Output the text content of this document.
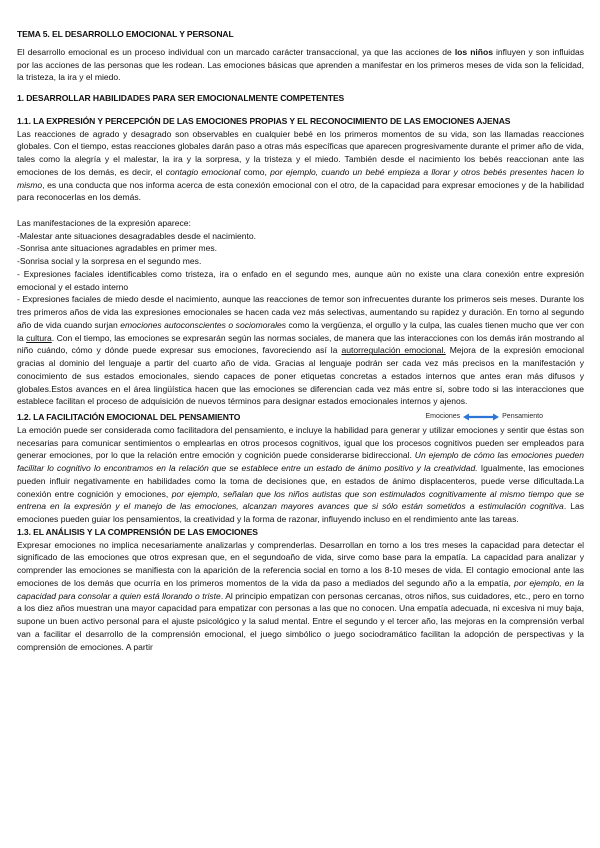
TEMA 5. EL DESARROLLO EMOCIONAL Y PERSONAL

El desarrollo emocional es un proceso individual con un marcado carácter transaccional, ya que las acciones de los niños influyen y son influidas por las acciones de las personas que les rodean. Las emociones básicas que aprenden a manifestar en los primeros meses de vida son la felicidad, la tristeza, la ira y el miedo.

1. DESARROLLAR HABILIDADES PARA SER EMOCIONALMENTE COMPETENTES
1.1. LA EXPRESIÓN Y PERCEPCIÓN DE LAS EMOCIONES PROPIAS Y EL RECONOCIMIENTO DE LAS EMOCIONES AJENAS

Las reacciones de agrado y desagrado son observables en cualquier bebé en los primeros momentos de su vida, son las llamadas reacciones globales. Con el tiempo, estas reacciones globales darán paso a otras más específicas que aparecen progresivamente durante el primer año de vida, tales como la alegría y el malestar, la ira y la sorpresa, y la tristeza y el miedo. También desde el nacimiento los bebés reaccionan ante las emociones de los demás, es decir, el contagio emocional como, por ejemplo, cuando un bebé empieza a llorar y otros bebés presentes hacen lo mismo, es una conducta que nos informa acerca de esta conexión emocional con el otro, de la capacidad para expresar emociones y de la habilidad para reconocerlas en los demás.

Las manifestaciones de la expresión aparece:

-Malestar ante situaciones desagradables desde el nacimiento.

-Sonrisa ante situaciones agradables en primer mes.

-Sonrisa social y la sorpresa en el segundo mes.

- Expresiones faciales identificables como tristeza, ira o enfado en el segundo mes, aunque aún no existe una clara conexión entre expresión emocional y el estado interno

- Expresiones faciales de miedo desde el nacimiento, aunque las reacciones de temor son infrecuentes durante los primeros seis meses. Durante los tres primeros años de vida las expresiones emocionales se hacen cada vez más selectivas, aumentando su rapidez y duración. En torno al segundo año de vida cuando surjan emociones autoconscientes o sociomorales como la vergüenza, el orgullo y la culpa, las cuales tienen mucho que ver con la cultura. Con el tiempo, las emociones se expresarán según las normas sociales, de manera que las interacciones con los demás irán mostrando al niño cuándo, cómo y dónde puede expresar sus emociones, favoreciendo así la autorregulación emocional. Mejora de la expresión emocional gracias al dominio del lenguaje a partir del cuarto año de vida. Gracias al lenguaje podrán ser cada vez más precisos en la manifestación y conocimiento de sus estados emocionales, siendo capaces de poner etiquetas concretas a estados internos que antes eran más difusos y globales.Estos avances en el área lingüística hacen que las emociones se diferencian cada vez más entre sí, sobre todo si las interacciones que establece facilitan el proceso de adquisición de nuevos términos para designar estados emocionales internos y ajenos.

1.2. LA FACILITACIÓN EMOCIONAL DEL PENSAMIENTO	Emociones	Pensamiento

La emoción puede ser considerada como facilitadora del pensamiento, e incluye la habilidad para generar y utilizar emociones y sentir que éstas son necesarias para comunicar sentimientos o emplearlas en otros procesos cognitivos, igual que los procesos cognitivos pueden ser empleados para generar emociones, por lo que la relación entre emoción y cognición puede considerarse bidireccional. Un ejemplo de cómo las emociones pueden facilitar lo cognitivo lo encontramos en la relación que se establece entre un estado de ánimo positivo y la creatividad. Igualmente, las emociones pueden influir negativamente en habilidades como la toma de decisiones que, en estados de ánimo displacenteros, puede verse dificultada.La conexión entre cognición y emociones, por ejemplo, señalan que los niños autistas que son estimulados cognitivamente al mismo tiempo que se entrena en la expresión y el manejo de las emociones, alcanzan mayores avances que si sólo están sometidos a estimulación cognitiva. Las emociones pueden guiar los pensamientos, la creatividad y la forma de razonar, influyendo incluso en el rendimiento ante las tareas.

1.3. EL ANÁLISIS Y LA COMPRENSIÓN DE LAS EMOCIONES

Expresar emociones no implica necesariamente analizarlas y comprenderlas. Desarrollan en torno a los tres meses la capacidad para detectar el significado de las emociones que otros expresan que, en el segundoaño de vida, sirve como base para la empatía. La capacidad para analizar y comprender las emociones se manifiesta con la aparición de la referencia social en torno a los 8-10 meses de vida. El contagio emocional ante las emociones de los demás que ocurría en los primeros momentos de la vida da paso a mediados del segundo año a la empatía, por ejemplo, en la capacidad para consolar a quien está llorando o triste. Al principio empatizan con personas cercanas, otros niños, sus cuidadores, etc., pero en torno a los diez años muestran una mayor capacidad para empatizar con personas a las que no conocen. Una empatía adecuada, ni excesiva ni muy baja, supone un buen activo personal para el ajuste psicológico y la salud mental. Entre el segundo y el tercer año, las mejoras en la comprensión verbal van a facilitar el desarrollo de la comprensión emocional, el juego simbólico o juego sociodramático facilitan la adopción de perspectivas y la comprensión de emociones. A partir
